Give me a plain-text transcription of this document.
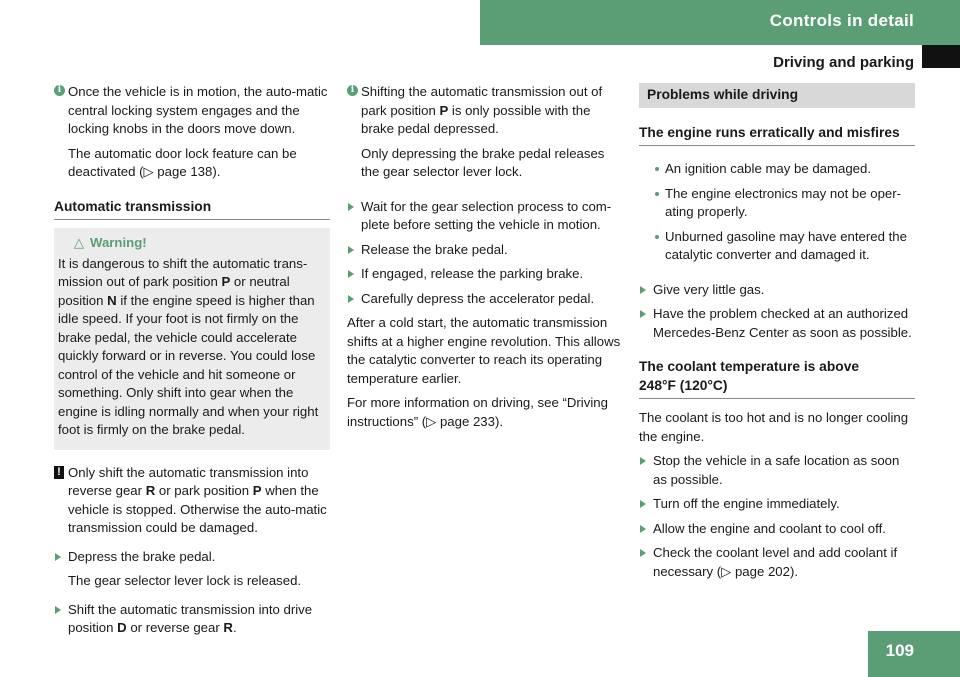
Controls in detail
Driving and parking
i Once the vehicle is in motion, the auto-matic central locking system engages and the locking knobs in the doors move down.

The automatic door lock feature can be deactivated (▷ page 138).

Automatic transmission
△ Warning!

It is dangerous to shift the automatic trans-mission out of park position P or neutral position N if the engine speed is higher than idle speed. If your foot is not firmly on the brake pedal, the vehicle could accelerate quickly forward or in reverse. You could lose control of the vehicle and hit someone or something. Only shift into gear when the engine is idling normally and when your right foot is firmly on the brake pedal.

! Only shift the automatic transmission into reverse gear R or park position P when the vehicle is stopped. Otherwise the auto-matic transmission could be damaged.

Depress the brake pedal.

The gear selector lever lock is released.

Shift the automatic transmission into drive position D or reverse gear R.
i Shifting the automatic transmission out of park position P is only possible with the brake pedal depressed.

Only depressing the brake pedal releases the gear selector lever lock.

Wait for the gear selection process to com-plete before setting the vehicle in motion.
Release the brake pedal.
If engaged, release the parking brake.
Carefully depress the accelerator pedal.

After a cold start, the automatic transmission shifts at a higher engine revolution. This allows the catalytic converter to reach its operating temperature earlier.

For more information on driving, see “Driving instructions” (▷ page 233).

Problems while driving
The engine runs erratically and misfires
An ignition cable may be damaged.
The engine electronics may not be oper-ating properly.
Unburned gasoline may have entered the catalytic converter and damaged it.
Give very little gas.
Have the problem checked at an authorized Mercedes-Benz Center as soon as possible.
The coolant temperature is above
248°F (120°C)

The coolant is too hot and is no longer cooling the engine.

Stop the vehicle in a safe location as soon as possible.
Turn off the engine immediately.
Allow the engine and coolant to cool off.
Check the coolant level and add coolant if necessary (▷ page 202).
109
